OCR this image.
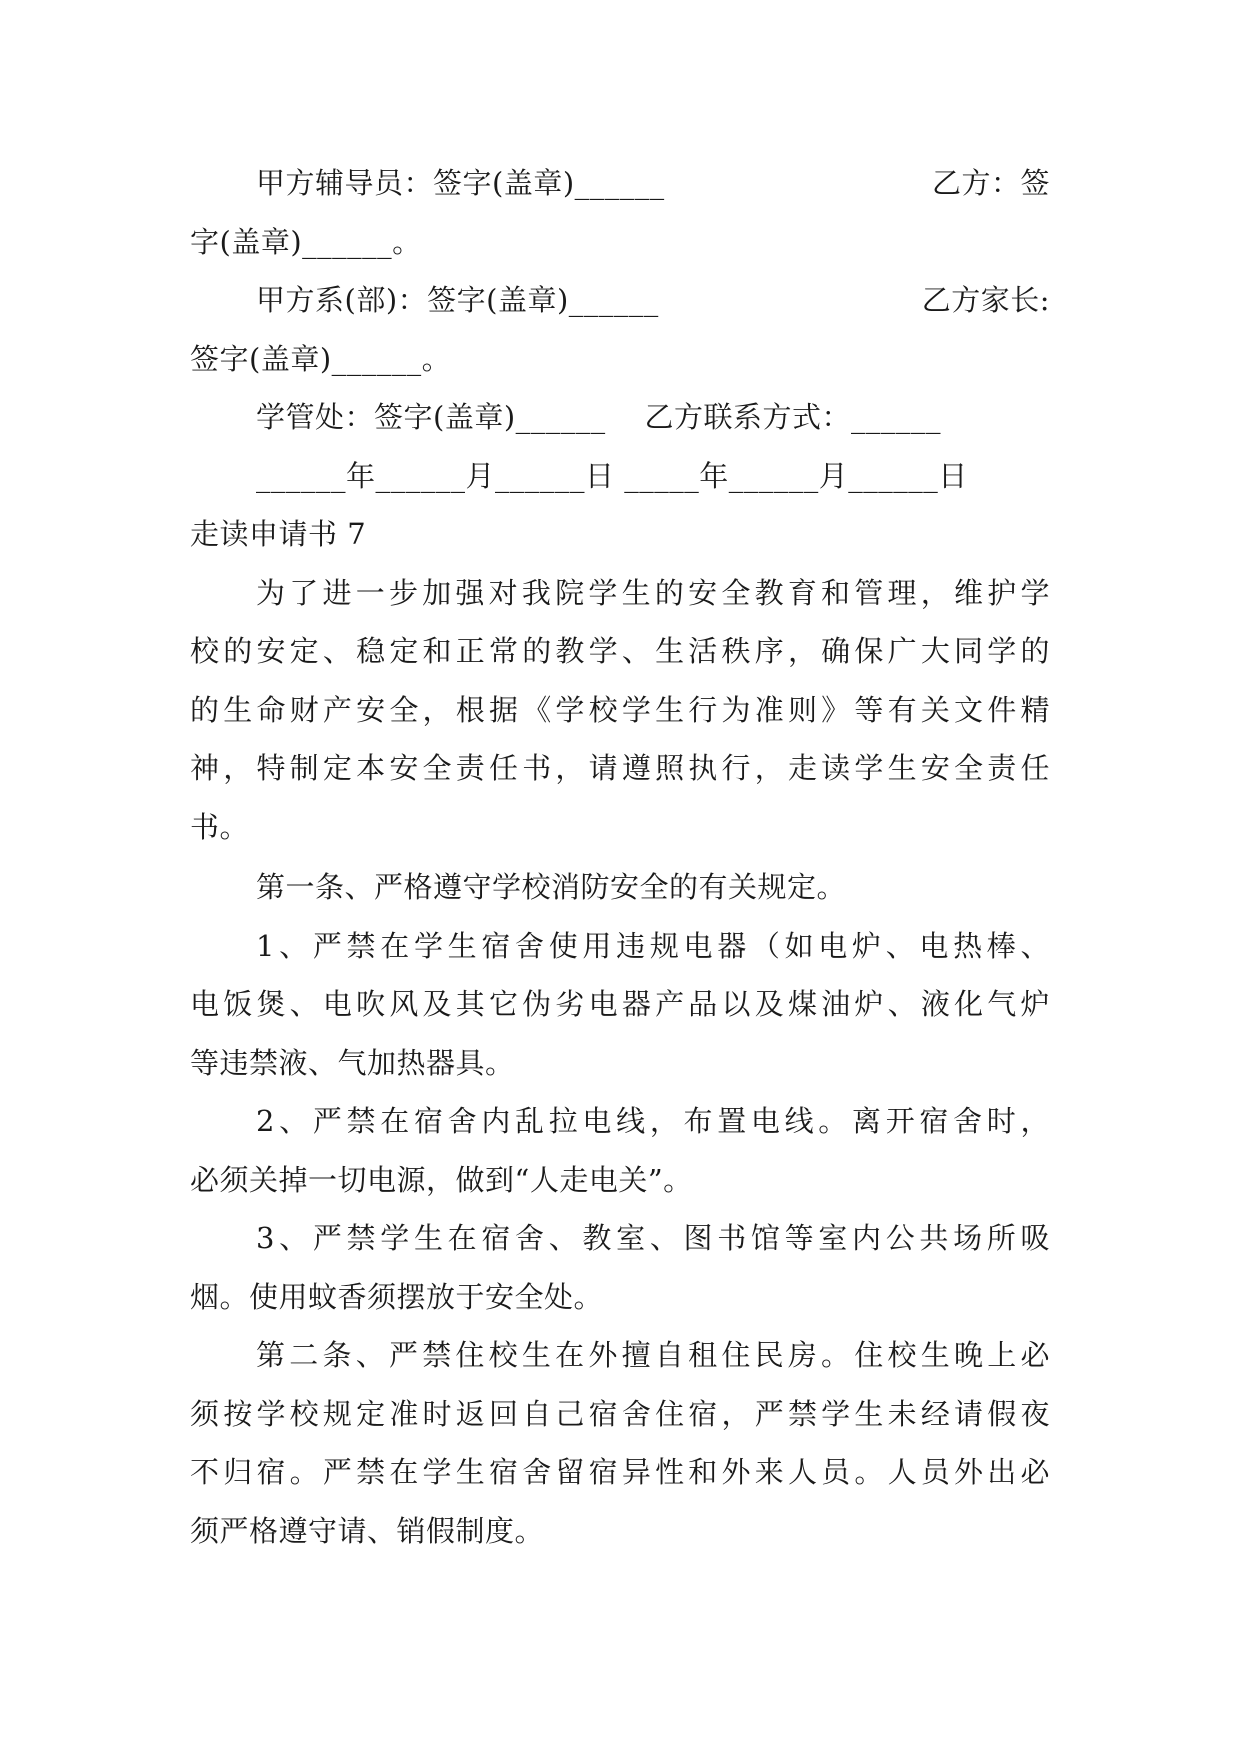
甲方辅导员：签字(盖章)______	乙方：签
字(盖章)______。
甲方系(部)：签字(盖章)______	乙方家长:
签字(盖章)______。
学管处：签字(盖章)______    乙方联系方式：______
______年______月______日 _____年______月______日
走读申请书 7
为了进一步加强对我院学生的安全教育和管理，维护学
校的安定、稳定和正常的教学、生活秩序，确保广大同学的
的生命财产安全，根据《学校学生行为准则》等有关文件精
神，特制定本安全责任书，请遵照执行，走读学生安全责任
书。
第一条、严格遵守学校消防安全的有关规定。
1、严禁在学生宿舍使用违规电器（如电炉、电热棒、
电饭煲、电吹风及其它伪劣电器产品以及煤油炉、液化气炉
等违禁液、气加热器具。
2、严禁在宿舍内乱拉电线，布置电线。离开宿舍时，
必须关掉一切电源，做到“人走电关”。
3、严禁学生在宿舍、教室、图书馆等室内公共场所吸
烟。使用蚊香须摆放于安全处。
第二条、严禁住校生在外擅自租住民房。住校生晚上必
须按学校规定准时返回自己宿舍住宿，严禁学生未经请假夜
不归宿。严禁在学生宿舍留宿异性和外来人员。人员外出必
须严格遵守请、销假制度。
